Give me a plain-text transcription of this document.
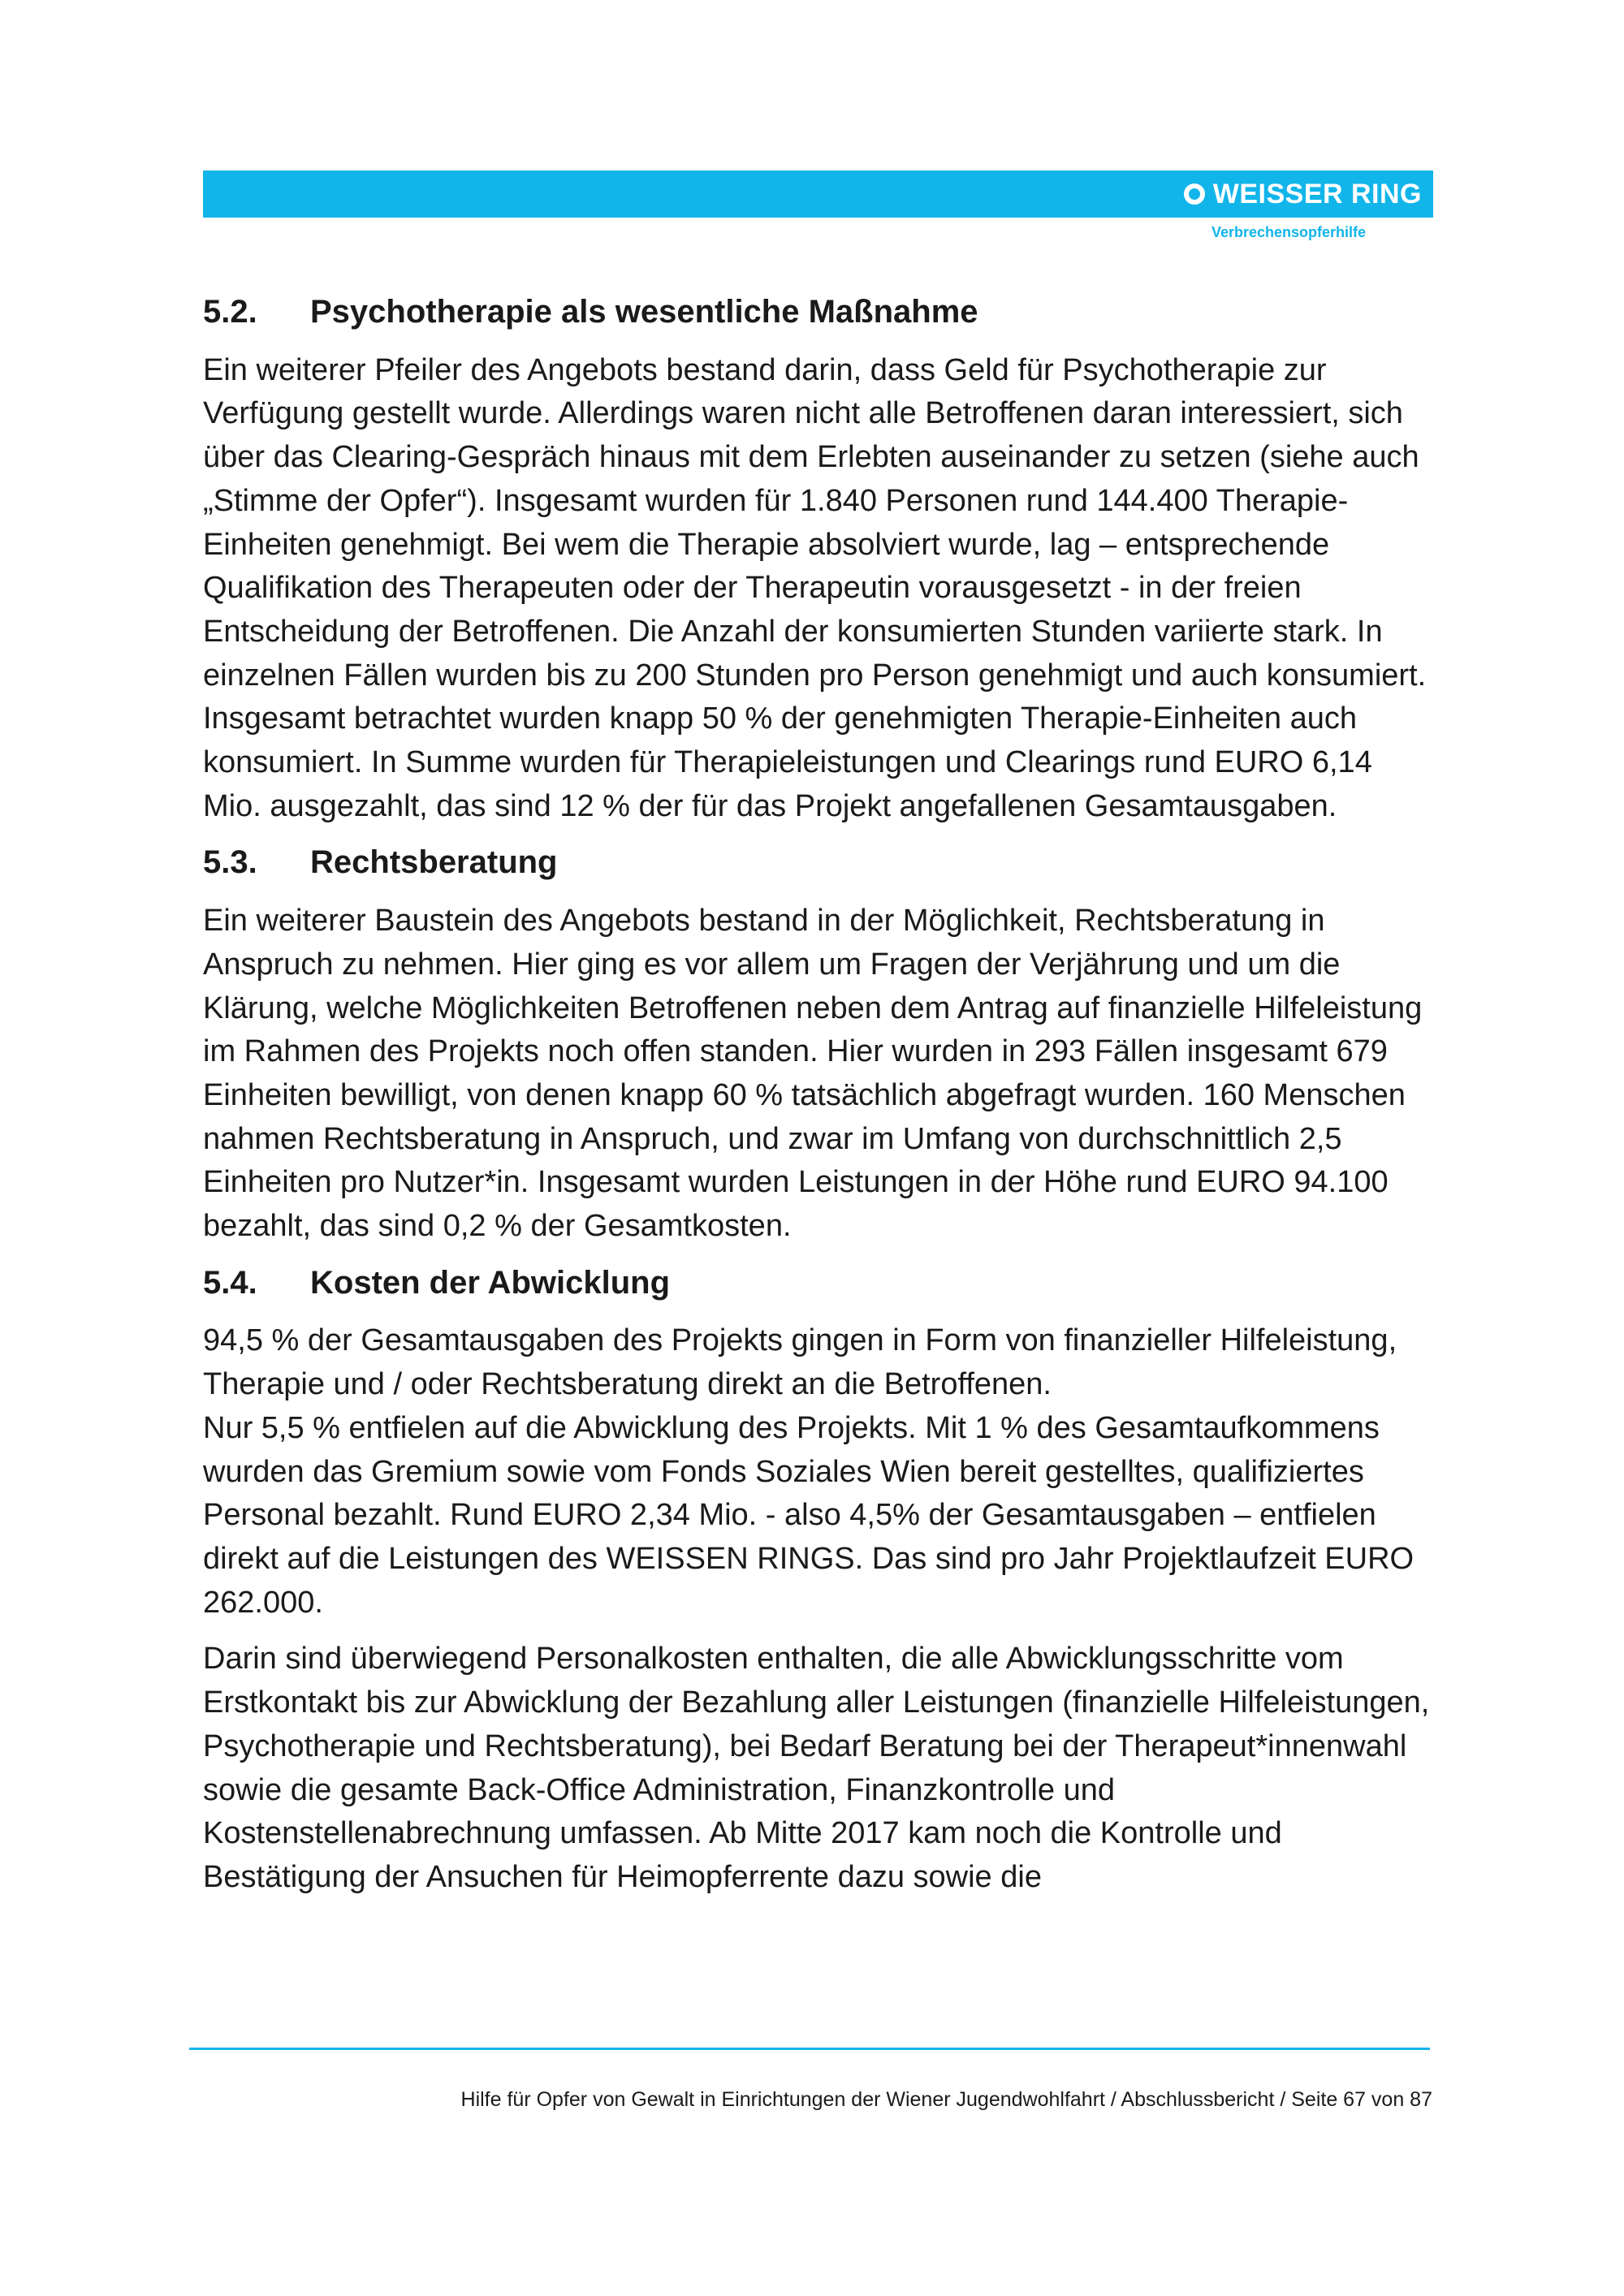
WEISSER RING
Verbrechensopferhilfe
5.2.	Psychotherapie als wesentliche Maßnahme

Ein weiterer Pfeiler des Angebots bestand darin, dass Geld für Psychotherapie zur Verfügung gestellt wurde. Allerdings waren nicht alle Betroffenen daran interessiert, sich über das Clearing-Gespräch hinaus mit dem Erlebten auseinander zu setzen (siehe auch „Stimme der Opfer“). Insgesamt wurden für 1.840 Personen rund 144.400 Therapie-Einheiten genehmigt. Bei wem die Therapie absolviert wurde, lag – entsprechende Qualifikation des Therapeuten oder der Therapeutin vorausgesetzt - in der freien Entscheidung der Betroffenen. Die Anzahl der konsumierten Stunden variierte stark. In einzelnen Fällen wurden bis zu 200 Stunden pro Person genehmigt und auch konsumiert. Insgesamt betrachtet wurden knapp 50 % der genehmigten Therapie-Einheiten auch konsumiert. In Summe wurden für Therapieleistungen und Clearings rund EURO 6,14 Mio. ausgezahlt, das sind 12 % der für das Projekt angefallenen Gesamtausgaben.

5.3.	Rechtsberatung

Ein weiterer Baustein des Angebots bestand in der Möglichkeit, Rechtsberatung in Anspruch zu nehmen. Hier ging es vor allem um Fragen der Verjährung und um die Klärung, welche Möglichkeiten Betroffenen neben dem Antrag auf finanzielle Hilfeleistung im Rahmen des Projekts noch offen standen. Hier wurden in 293 Fällen insgesamt 679 Einheiten bewilligt, von denen knapp 60 % tatsächlich abgefragt wurden. 160 Menschen nahmen Rechtsberatung in Anspruch, und zwar im Umfang von durchschnittlich 2,5 Einheiten pro Nutzer*in. Insgesamt wurden Leistungen in der Höhe rund EURO 94.100 bezahlt, das sind 0,2 % der Gesamtkosten.

5.4.	Kosten der Abwicklung

94,5 % der Gesamtausgaben des Projekts gingen in Form von finanzieller Hilfeleistung, Therapie und / oder Rechtsberatung direkt an die Betroffenen.

Nur 5,5 % entfielen auf die Abwicklung des Projekts. Mit 1 % des Gesamtaufkommens wurden das Gremium sowie vom Fonds Soziales Wien bereit gestelltes, qualifiziertes Personal bezahlt. Rund EURO 2,34 Mio. - also 4,5% der Gesamtausgaben – entfielen direkt auf die Leistungen des WEISSEN RINGS. Das sind pro Jahr Projektlaufzeit EURO 262.000.

Darin sind überwiegend Personalkosten enthalten, die alle Abwicklungsschritte vom Erstkontakt bis zur Abwicklung der Bezahlung aller Leistungen (finanzielle Hilfeleistungen, Psychotherapie und Rechtsberatung), bei Bedarf Beratung bei der Therapeut*innenwahl sowie die gesamte Back-Office Administration, Finanzkontrolle und Kostenstellenabrechnung umfassen. Ab Mitte 2017 kam noch die Kontrolle und Bestätigung der Ansuchen für Heimopferrente dazu sowie die

Hilfe für Opfer von Gewalt in Einrichtungen der Wiener Jugendwohlfahrt / Abschlussbericht / Seite 67 von 87
